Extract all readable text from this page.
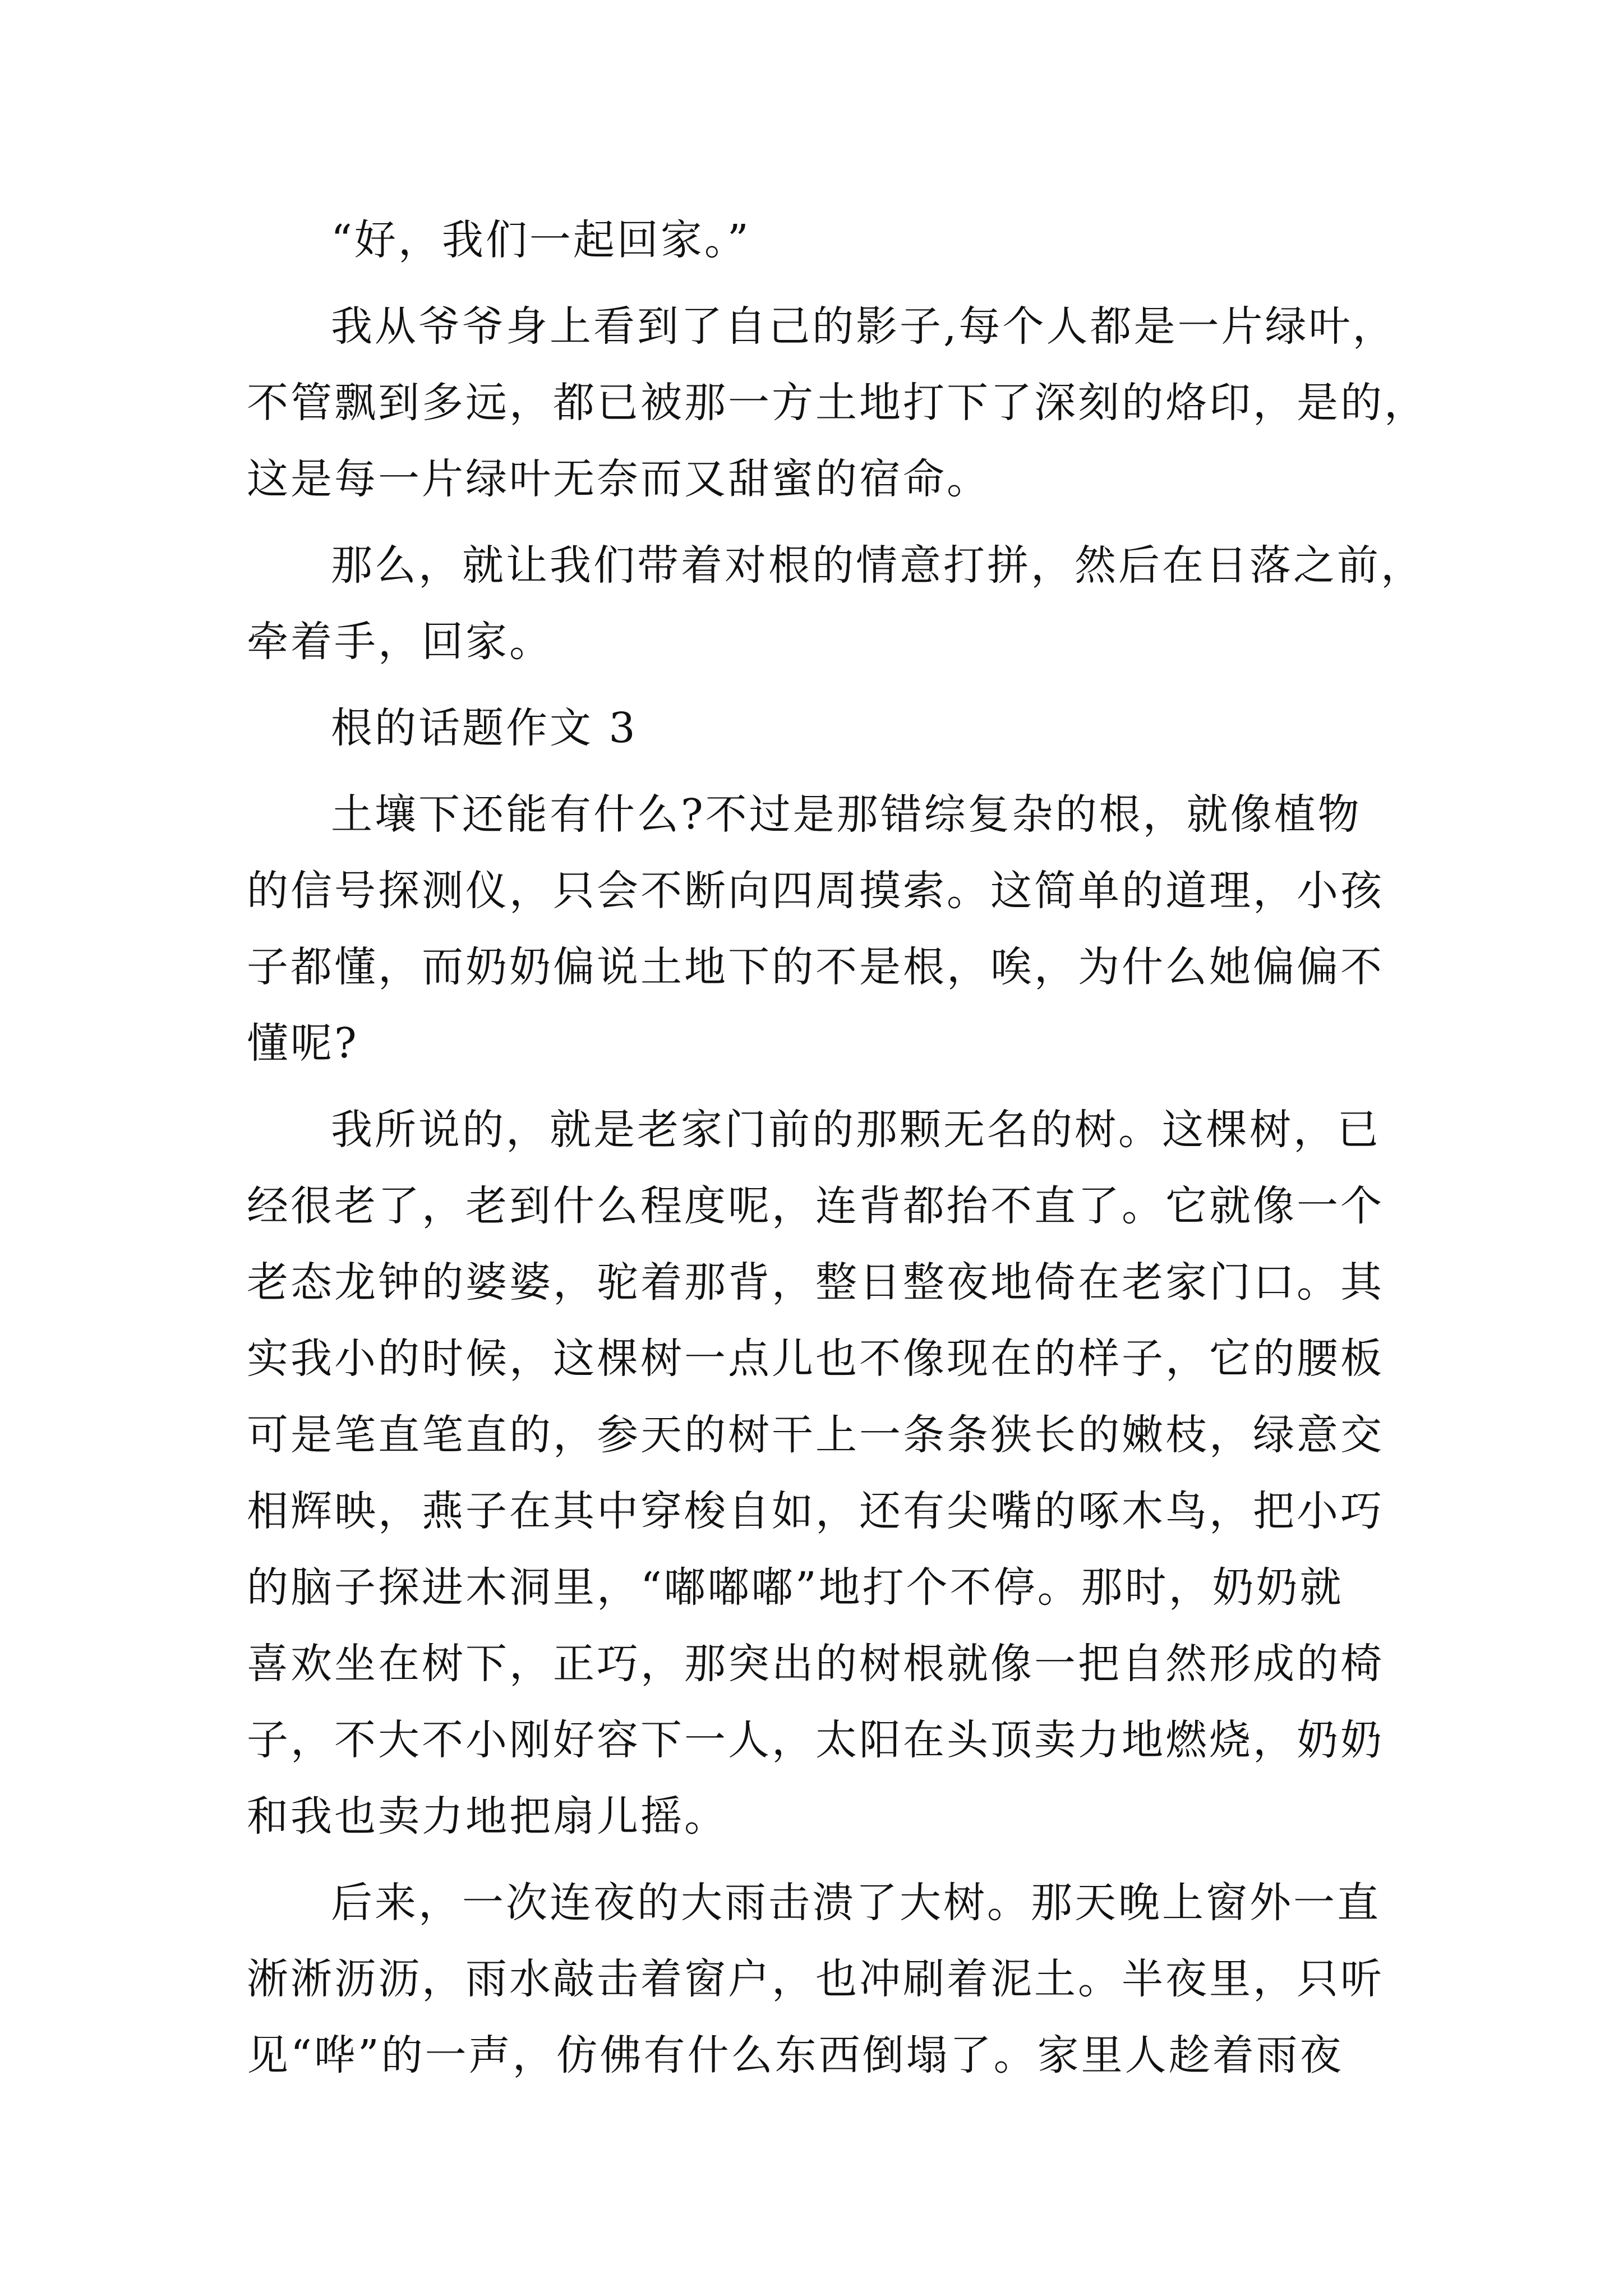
“好，我们一起回家。”

我从爷爷身上看到了自己的影子,每个人都是一片绿叶，
不管飘到多远，都已被那一方土地打下了深刻的烙印，是的，
这是每一片绿叶无奈而又甜蜜的宿命。

那么，就让我们带着对根的情意打拼，然后在日落之前，
牵着手，回家。

根的话题作文 3

土壤下还能有什么?不过是那错综复杂的根，就像植物
的信号探测仪，只会不断向四周摸索。这简单的道理，小孩
子都懂，而奶奶偏说土地下的不是根，唉，为什么她偏偏不
懂呢?

我所说的，就是老家门前的那颗无名的树。这棵树，已
经很老了，老到什么程度呢，连背都抬不直了。它就像一个
老态龙钟的婆婆，驼着那背，整日整夜地倚在老家门口。其
实我小的时候，这棵树一点儿也不像现在的样子，它的腰板
可是笔直笔直的，参天的树干上一条条狭长的嫩枝，绿意交
相辉映，燕子在其中穿梭自如，还有尖嘴的啄木鸟，把小巧
的脑子探进木洞里，“嘟嘟嘟”地打个不停。那时，奶奶就
喜欢坐在树下，正巧，那突出的树根就像一把自然形成的椅
子，不大不小刚好容下一人，太阳在头顶卖力地燃烧，奶奶
和我也卖力地把扇儿摇。

后来，一次连夜的大雨击溃了大树。那天晚上窗外一直
淅淅沥沥，雨水敲击着窗户，也冲刷着泥土。半夜里，只听
见“哗”的一声，仿佛有什么东西倒塌了。家里人趁着雨夜
